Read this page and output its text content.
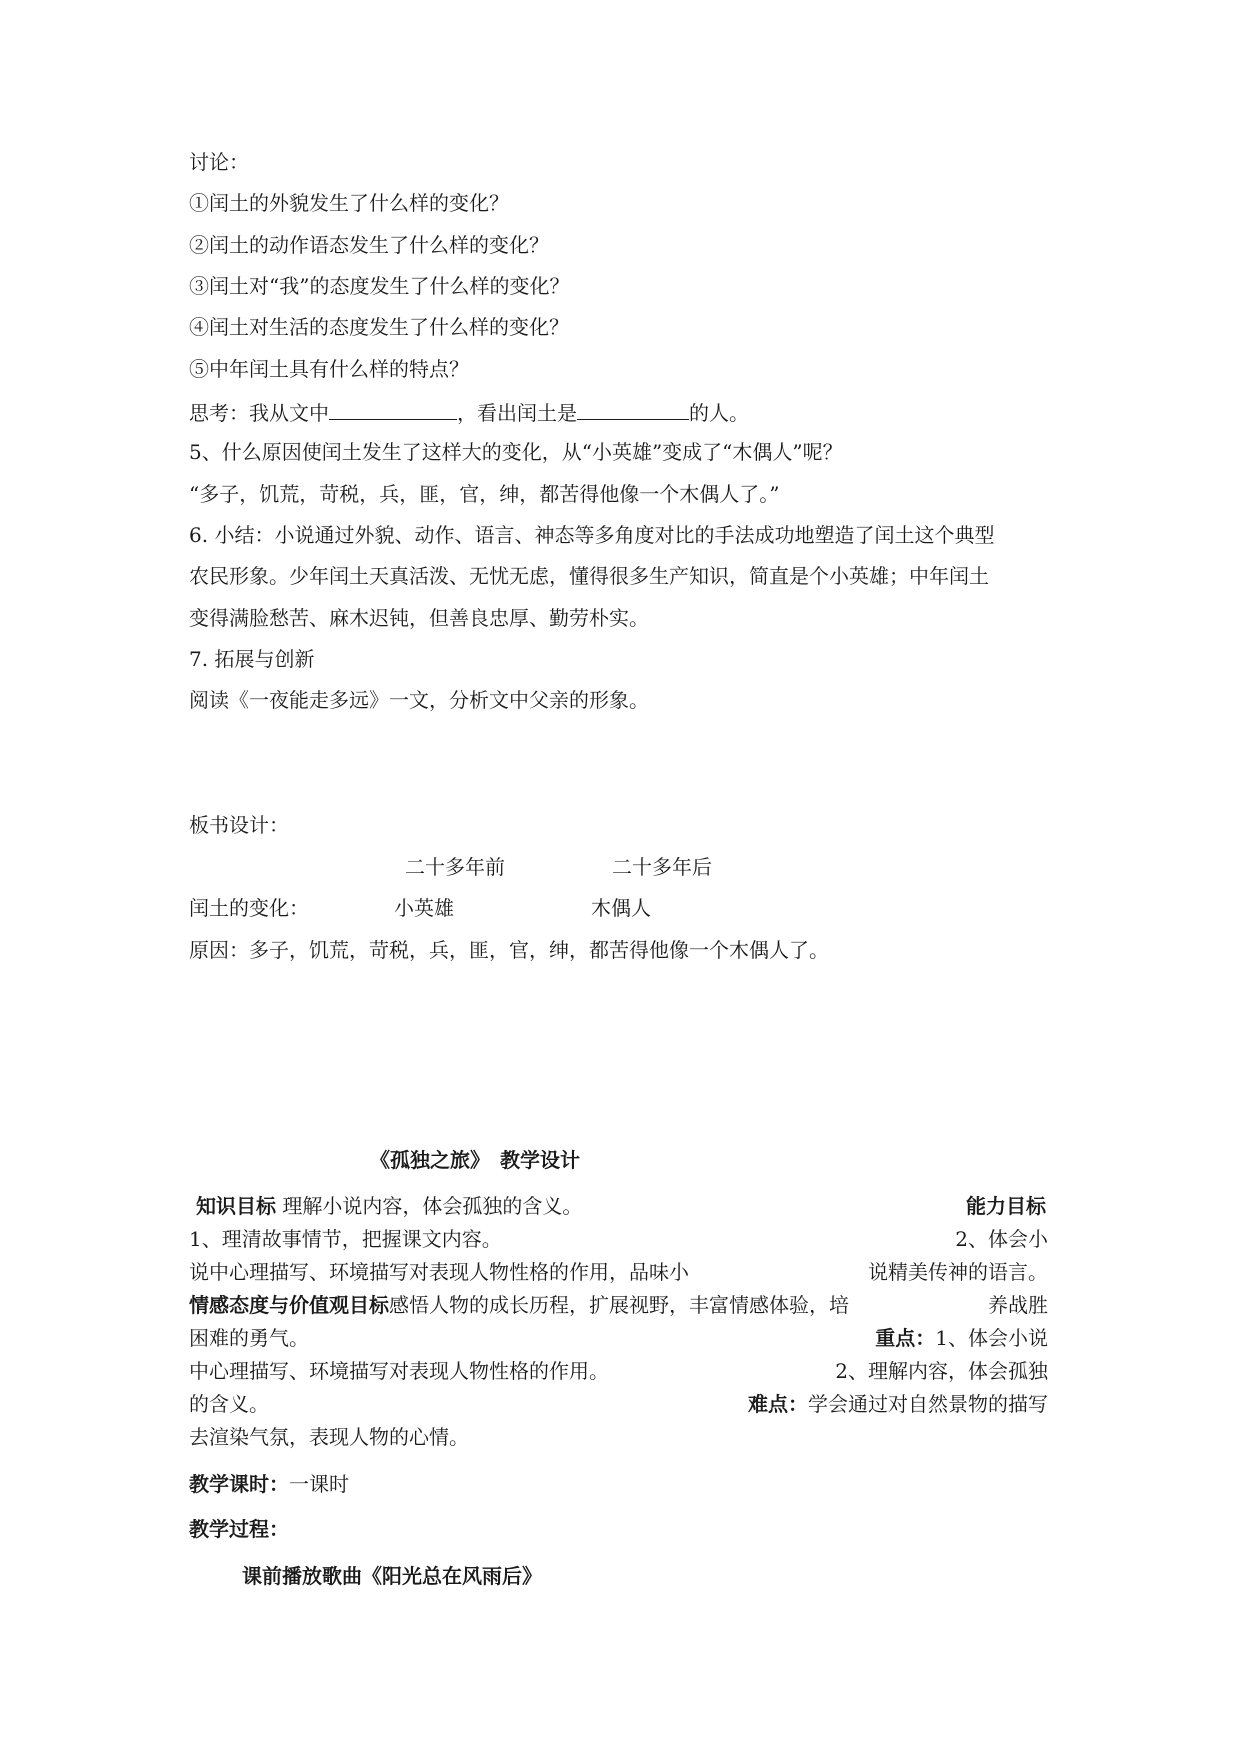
讨论：
①闰土的外貌发生了什么样的变化？
②闰土的动作语态发生了什么样的变化？
③闰土对“我”的态度发生了什么样的变化？
④闰土对生活的态度发生了什么样的变化？
⑤中年闰土具有什么样的特点？
思考：我从文中	，看出闰土是	的人。
5、什么原因使闰土发生了这样大的变化，从“小英雄”变成了“木偶人”呢？
“多子，饥荒，苛税，兵，匪，官，绅，都苦得他像一个木偶人了。”
6. 小结：小说通过外貌、动作、语言、神态等多角度对比的手法成功地塑造了闰土这个典型
农民形象。少年闰土天真活泼、无忧无虑，懂得很多生产知识，简直是个小英雄；中年闰土
变得满脸愁苦、麻木迟钝，但善良忠厚、勤劳朴实。
7. 拓展与创新
阅读《一夜能走多远》一文，分析文中父亲的形象。
板书设计：
二十多年前	二十多年后
闰土的变化：	小英雄	木偶人
原因：多子，饥荒，苛税，兵，匪，官，绅，都苦得他像一个木偶人了。
《孤独之旅》　教学设计
知识目标 理解小说内容，体会孤独的含义。	能力目标
1、理清故事情节，把握课文内容。	2、体会小
说中心理描写、环境描写对表现人物性格的作用，品味小	说精美传神的语言。
情感态度与价值观目标感悟人物的成长历程，扩展视野，丰富情感体验，培	养战胜
困难的勇气。	重点：1、体会小说
中心理描写、环境描写对表现人物性格的作用。	2、理解内容，体会孤独
的含义。	难点：学会通过对自然景物的描写
去渲染气氛，表现人物的心情。
教学课时：一课时
教学过程：
课前播放歌曲《阳光总在风雨后》
